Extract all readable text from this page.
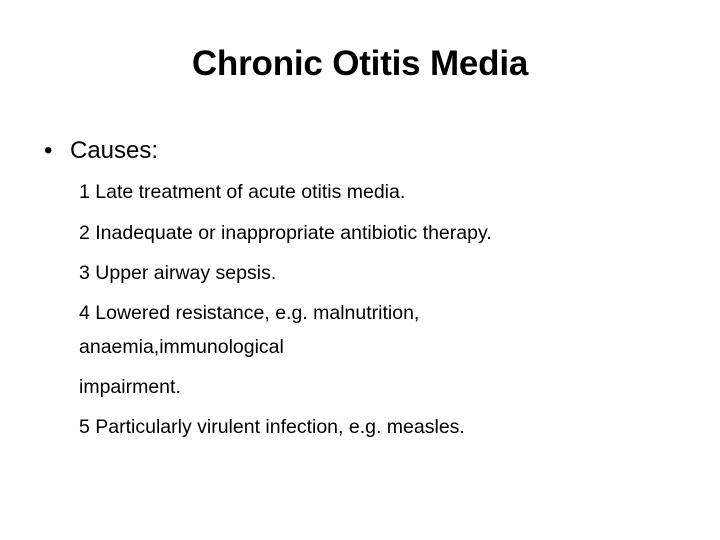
Chronic Otitis Media
• Causes:
1 Late treatment of acute otitis media.
2 Inadequate or inappropriate antibiotic therapy.
3 Upper airway sepsis.
4 Lowered resistance, e.g. malnutrition,
anaemia,immunological
impairment.
5 Particularly virulent infection, e.g. measles.
